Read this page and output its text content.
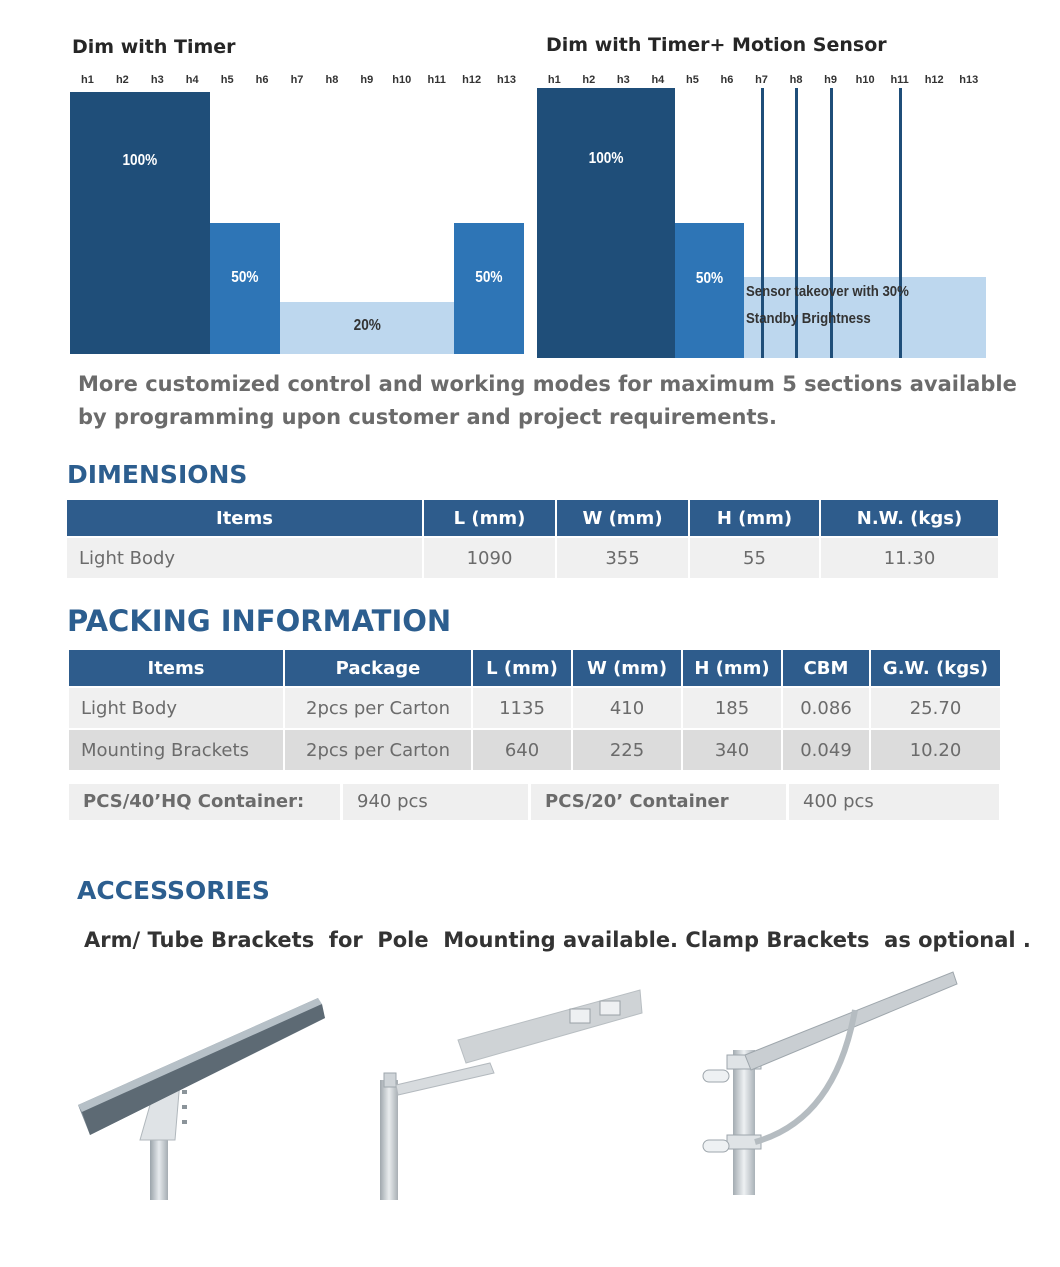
Dim with Timer
h1	h2	h3	h4	h5	h6	h7	h8	h9	h10	h11	h12	h13
100%
50%
20%
50%
Dim with Timer+ Motion Sensor
h1	h2	h3	h4	h5	h6	h7	h8	h9	h10	h11	h12	h13
100%
50%
Sensor takeover with 30%
Standby Brightness
More customized control and working modes for maximum 5 sections available
by programming upon customer and project requirements.
DIMENSIONS
Items	L (mm)	W (mm)	H (mm)	N.W. (kgs)
Light Body	1090	355	55	11.30
PACKING INFORMATION
Items	Package	L (mm)	W (mm)	H (mm)	CBM	G.W. (kgs)
Light Body	2pcs per Carton	1135	410	185	0.086	25.70
Mounting Brackets	2pcs per Carton	640	225	340	0.049	10.20
PCS/40’HQ Container:	940 pcs	PCS/20’ Container	400 pcs
ACCESSORIES
Arm/ Tube Brackets  for  Pole  Mounting available. Clamp Brackets  as optional .
